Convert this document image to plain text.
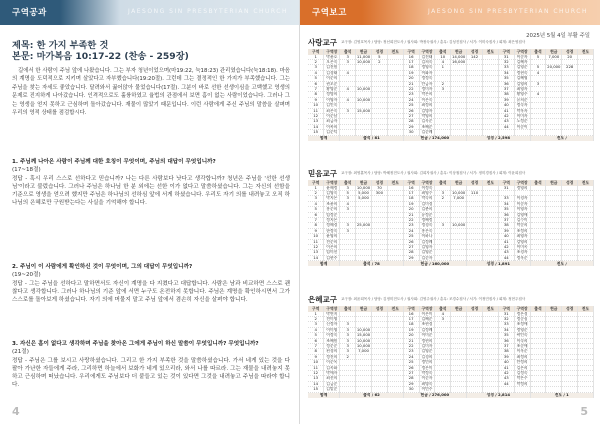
구역공과	JAESONG SIN PRESBYTERIAN CHURCH
제목: 한 가지 부족한 것
본문: 마가복음 10:17-22 (찬송 - 259장)
길에서 한 사람이 주님 앞에 나왔습니다. 그는 부자 청년이었으며(마19:22, 눅18:23) 관리였습니다(눅18:18). 마음의 계명을 도덕적으로 지키며 살았다고 자부했습니다(19:20절). 그런데 그는 결정적인 한 가지가 부족했습니다. 그는 주님을 찾는 자세도 좋았습니다. 달려와서 꿇어앉아 물었습니다(17절). 그분이 바로 선한 선생이심을 고백했고 영생의 문제로 진지하게 나아갔습니다. 인격적으로도 훌륭하였고 율법의 관점에서 보면 흠이 없는 사람이었습니다. 그러나 그는 영생을 얻지 못하고 근심하며 돌아갔습니다. 재물이 많았기 때문입니다. 이런 사람에게 주신 주님의 말씀을 살펴며 우리의 영적 상태를 점검합시다.
1. 주님께 나아온 사람이 주님께 대한 호칭이 무엇이며, 주님의 대답이 무엇입니까?
(17~18절)
정답 - 혹시 우리 스스로 선하다고 믿습니까? 나는 다른 사람보다 낫다고 생각합니까? 청년은 주님을 '선한 선생님'이라고 불렀습니다. 그러나 주님은 하나님 한 분 외에는 선한 이가 없다고 말씀하셨습니다. 그는 자신의 선함을 기준으로 영생을 얻으려 했지만 주님은 하나님의 선하심 앞에 서게 하셨습니다. 우리도 자기 의를 내려놓고 오직 하나님의 은혜로만 구원받는다는 사실을 기억해야 합니다.
2. 주님이 이 사람에게 확인하신 것이 무엇이며, 그의 대답이 무엇입니까?
(19~20절)
정답 - 그는 주님을 선하다고 말하면서도 자신이 계명을 다 지켰다고 대답합니다. 사람은 남과 비교하면 스스로 괜찮다고 생각합니다. 그러나 하나님의 기준 앞에 서면 누구도 온전하지 못합니다. 주님은 계명을 확인하시면서 그가 스스로를 돌아보게 하셨습니다. 자기 의에 머물지 말고 주님 앞에서 겸손히 자신을 살펴야 합니다.
3. 자신은 흠이 없다고 생각하며 주님을 찾아온 그에게 주님이 하신 말씀이 무엇입니까? 무엇입니까?
(21절)
정답 - 주님은 그를 보시고 사랑하셨습니다. 그리고 한 가지 부족한 것을 말씀하셨습니다. 가서 네게 있는 것을 다 팔아 가난한 자들에게 주라, 그리하면 하늘에서 보화가 네게 있으리라, 와서 나를 따르라. 그는 재물을 내려놓지 못하고 근심하며 떠났습니다. 우리에게도 주님보다 더 붙들고 있는 것이 있다면 그것을 내려놓고 주님을 따라야 합니다.
4
구역보고	JAESONG SIN PRESBYTERIAN CHURCH
2025년 5월 4일 부활 주일
사랑교구 교구장: 김영호목사 / 담당: 정선희전도사 / 권사회: 박정숙권사 / 총무: 김성진집사 / 서기: 이미숙집사 / 회계: 최은영집사
구역	구역장	출석	헌금	성경	전도	구역	구역장	출석	헌금	성경	전도	구역	구역장	출석	헌금	성경	전도
1	박윤호	3	11,000	5		16	김진태	10	14,000	142		31	이순자	5	7,000	20	
2	오은숙	3	10,000	2		17	김희숙	4	16,000			32	김혜자				
3	김진원					18	정영숙	1				33	김영순	5	20,000	228	
4	김경태	4				19	이화자					34	정현숙	4			
5	이순희					20	정정숙					35	김혜영				
6	권오순					21	안금자	2				36	김영희	3			
7	황명순	4	10,000			22	정미자	3				37	최영자				
8	정병희					23	박은희					38	황영주	4			
9	이영자	4	10,000			24	이은숙					39	유희순				
10	김인숙					25	최정희					40	정숙자				
11	최은숙	3	15,000			26	김명자					41	박옥자				
12	이순남					27	박영희					42	이미자				
13	최금자					28	김옥순					43	노정순				
14	이복희					29	조혜순					44	이순이				
15	김순덕					30	김순례										
합계		출석 / 81				헌금 / 174,000				성경 / 2,598				전도 /			
믿음교구 교구장: 최영훈목사 / 담당: 박혜정전도사 / 권사회: 김희자권사 / 총무: 이상철집사 / 서기: 정미경집사 / 회계: 이윤희집사
구역	구역장	출석	헌금	성경	전도	구역	구역장	출석	헌금	성경	전도	구역	구역장	출석	헌금	성경	전도
1	윤해정	3	10,000	70		16	이정숙					31	정영희				
2	김영숙	5	5,000	300		17	최영수	3	10,000	110							
3	박지은	3	5,000			18	박숙희	2	7,000			33	이경자				
4	조윤희	4				19	김미경					34	이순자				
5	홍순희	3				20	김춘희					35	이영자				
6	임정순					21	유정순					36	김영애				
7	정지은					22	정혜정					37	김수미				
8	정해경	3	25,000			23	정경숙	3	10,000			38	박순희				
9	한정숙	3				24	홍은숙					39	조정희				
10	윤영희					25	이하나					40	최영자				
11	전순희					26	김정례					41	강영희				
12	이은희					27	김영자					42	이미옥				
13	임미선					28	김영순					43	조경자				
14	김현주					29	김순자					44	정옥순				
합계		출석 / 78				헌금 / 160,000				성경 / 1,891				전도 /			
은혜교구 교구장: 최윤희목사 / 담당: 김정미전도사 / 권사회: 김영주권사 / 총무: 조경수집사 / 서기: 이정민집사 / 회계: 정현주집사
구역	구역장	출석	헌금	성경	전도	구역	구역장	출석	헌금	성경	전도	구역	구역장	출석	헌금	성경	전도
1	박연지					16	이은미	4				31	정은경				
2	전미영					17	김혜순	3				32	정순심				
3	신정자	3				18	조현경					33	조정애				
4	이미영	3	10,000			19	김정례					34	정영순				
5	이정숙	3	15,000			20	이미순					35	곽인숙				
6	조혜원	3	10,000			21	정현희					36	이숙희				
7	정문순	3	10,000			22	김미자					37	조순애				
8	편경희	3	7,000			23	김영순					38	이옥순				
9	정진희	2				24	김경희					39	최정희				
10	이순옥					25	정민희					40	안정희				
11	김옥화					26	정은미					41	김은희				
12	박애자					27	박정숙					42	김정숙				
13	최선희					28	이순자					43	박은주				
14	김금순					29	최명숙					44	박정희				
15	김말순					30	이민주										
합계		출석 / 62				헌금 / 276,000				성경 / 2,814				전도 / 1			
5
